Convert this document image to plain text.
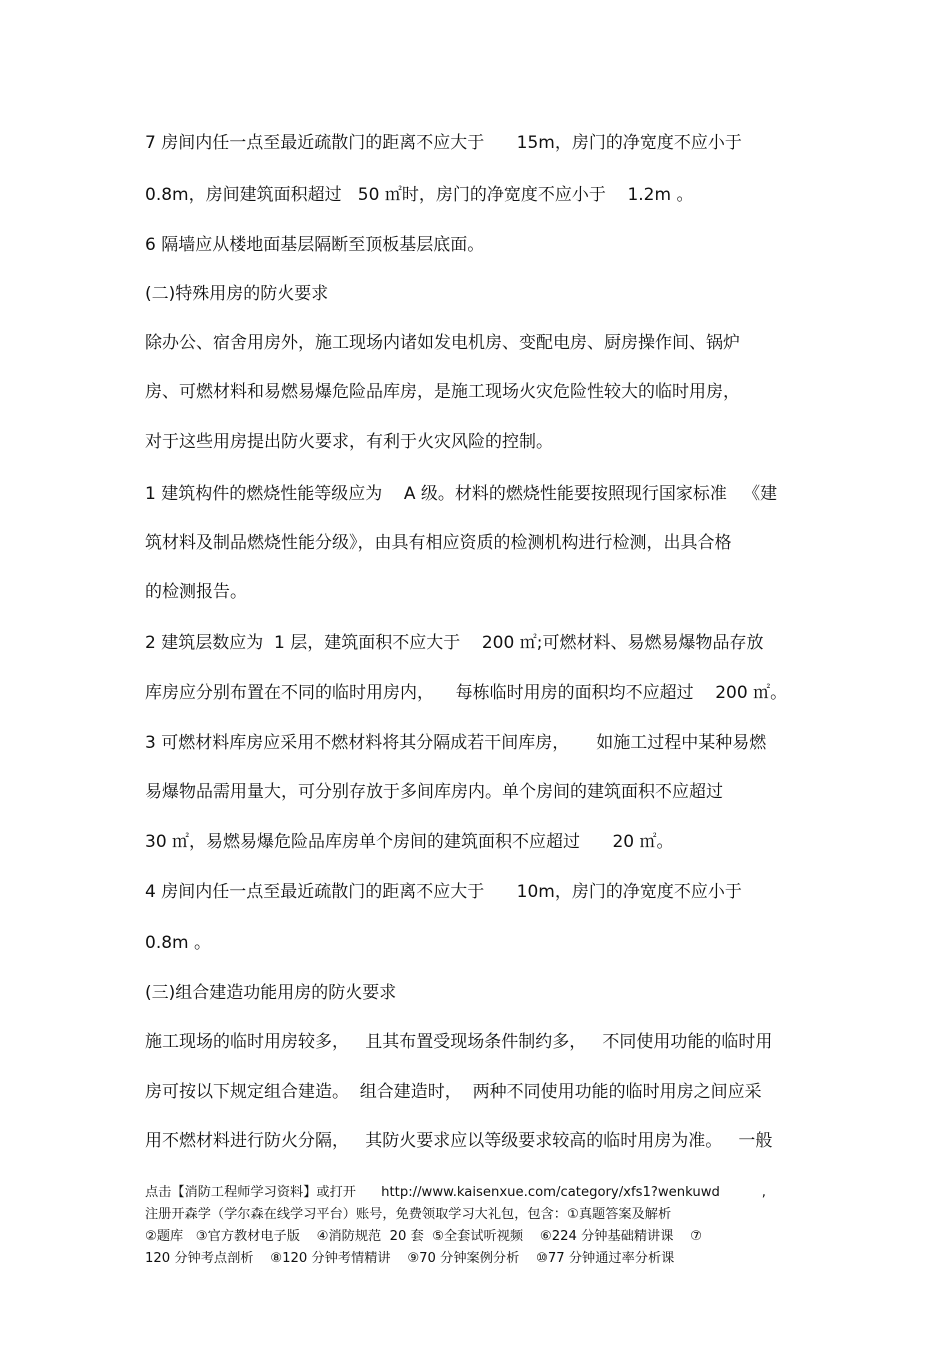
7 房间内任一点至最近疏散门的距离不应大于      15m，房门的净宽度不应小于
0.8m，房间建筑面积超过   50 ㎡时，房门的净宽度不应小于    1.2m 。
6 隔墙应从楼地面基层隔断至顶板基层底面。
(二)特殊用房的防火要求
除办公、宿舍用房外，施工现场内诸如发电机房、变配电房、厨房操作间、锅炉
房、可燃材料和易燃易爆危险品库房，是施工现场火灾危险性较大的临时用房，
对于这些用房提出防火要求，有利于火灾风险的控制。
1 建筑构件的燃烧性能等级应为    A 级。材料的燃烧性能要按照现行国家标准   《建
筑材料及制品燃烧性能分级》，由具有相应资质的检测机构进行检测，出具合格
的检测报告。
2 建筑层数应为  1 层，建筑面积不应大于    200 ㎡;可燃材料、易燃易爆物品存放
库房应分别布置在不同的临时用房内，    每栋临时用房的面积均不应超过    200 ㎡。
3 可燃材料库房应采用不燃材料将其分隔成若干间库房，     如施工过程中某种易燃
易爆物品需用量大，可分别存放于多间库房内。单个房间的建筑面积不应超过
30 ㎡，易燃易爆危险品库房单个房间的建筑面积不应超过      20 ㎡。
4 房间内任一点至最近疏散门的距离不应大于      10m，房门的净宽度不应小于
0.8m 。
(三)组合建造功能用房的防火要求
施工现场的临时用房较多，   且其布置受现场条件制约多，   不同使用功能的临时用
房可按以下规定组合建造。  组合建造时，  两种不同使用功能的临时用房之间应采
用不燃材料进行防火分隔，   其防火要求应以等级要求较高的临时用房为准。   一般
点击【消防工程师学习资料】或打开      http://www.kaisenxue.com/category/xfs1?wenkuwd          ,
注册开森学（学尔森在线学习平台）账号，免费领取学习大礼包，包含：①真题答案及解析
②题库   ③官方教材电子版    ④消防规范  20 套  ⑤全套试听视频    ⑥224 分钟基础精讲课    ⑦
120 分钟考点剖析    ⑧120 分钟考情精讲    ⑨70 分钟案例分析    ⑩77 分钟通过率分析课
